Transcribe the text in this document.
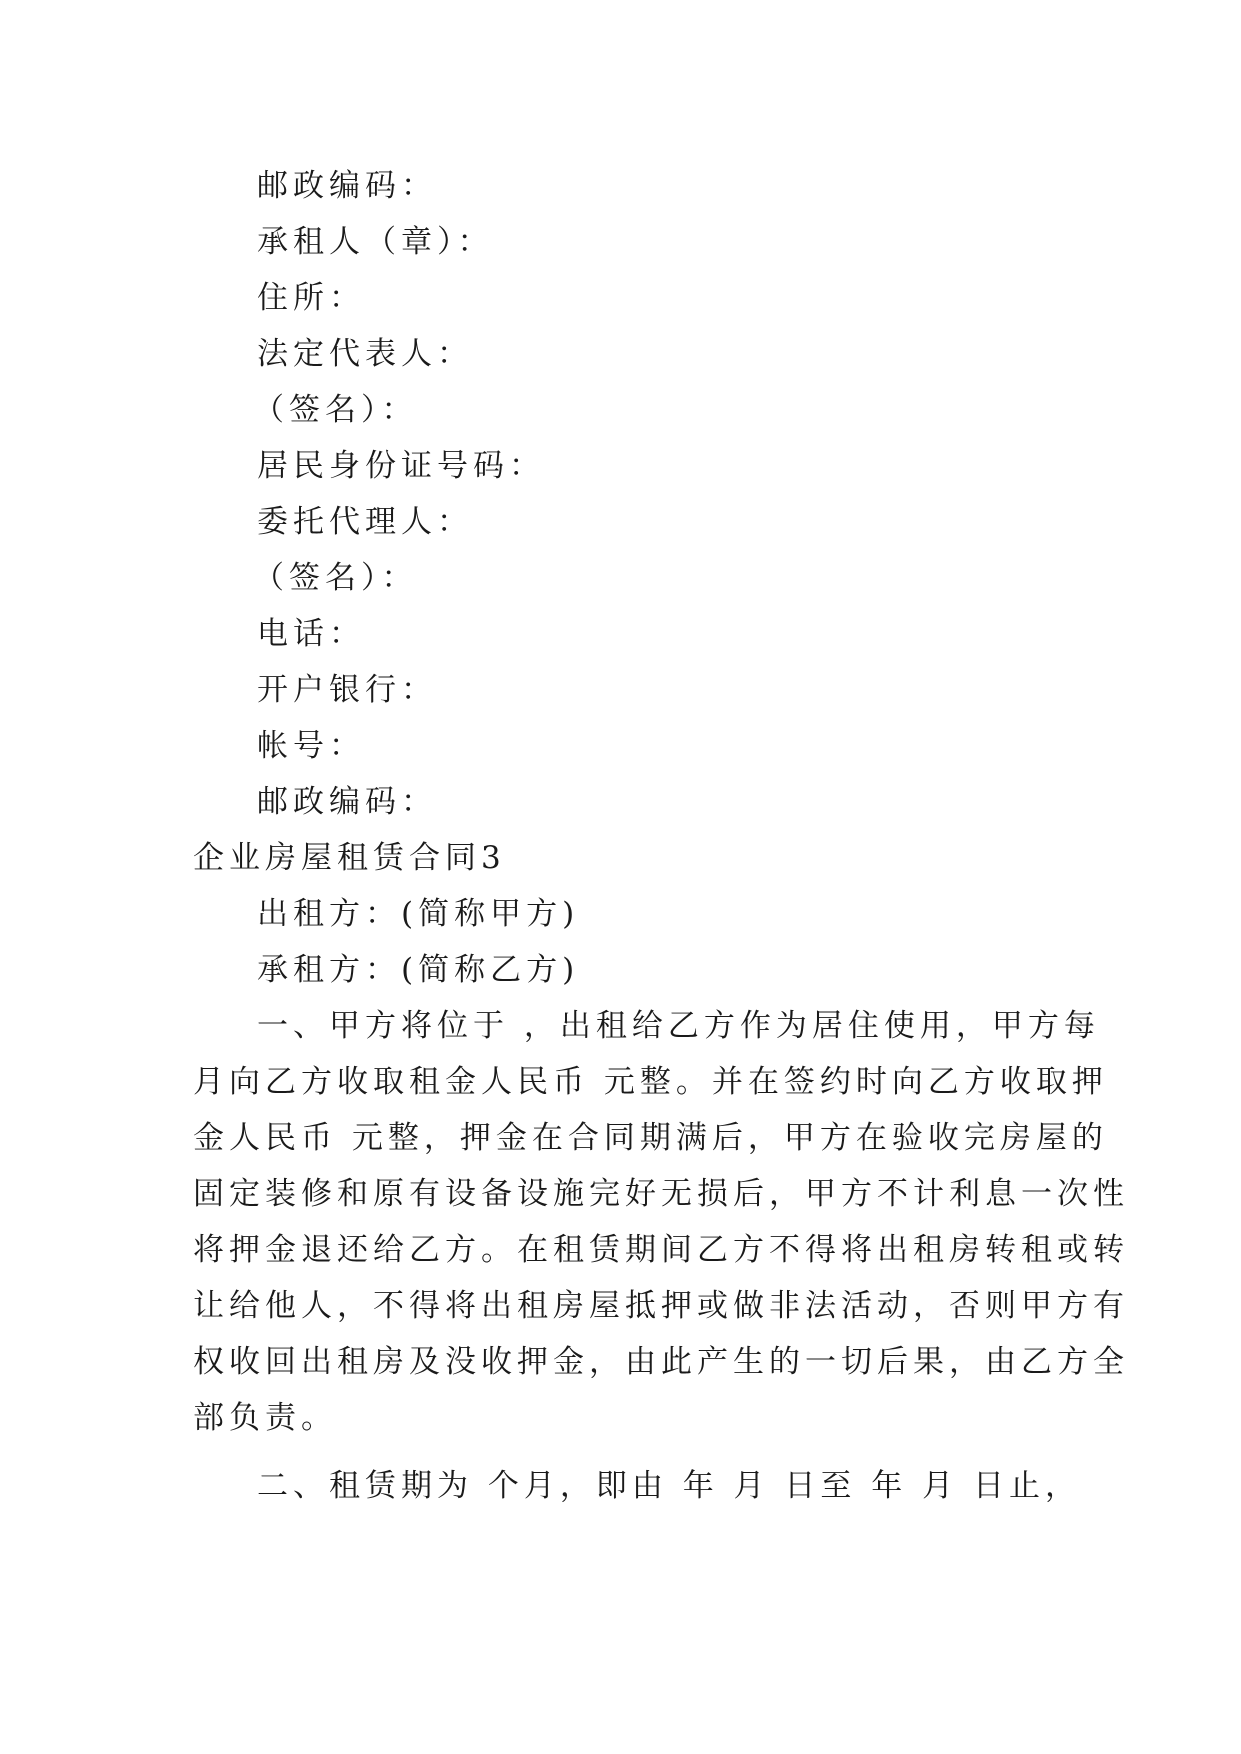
邮政编码：
承租人（章）：
住所：
法定代表人：
（签名）：
居民身份证号码：
委托代理人：
（签名）：
电话：
开户银行：
帐号：
邮政编码：
企业房屋租赁合同3
出租方：(简称甲方)
承租方：(简称乙方)
一、甲方将位于 ，出租给乙方作为居住使用，甲方每
月向乙方收取租金人民币 元整。并在签约时向乙方收取押
金人民币 元整，押金在合同期满后，甲方在验收完房屋的
固定装修和原有设备设施完好无损后，甲方不计利息一次性
将押金退还给乙方。在租赁期间乙方不得将出租房转租或转
让给他人，不得将出租房屋抵押或做非法活动，否则甲方有
权收回出租房及没收押金，由此产生的一切后果，由乙方全
部负责。
二、租赁期为 个月，即由 年 月 日至 年 月 日止，
